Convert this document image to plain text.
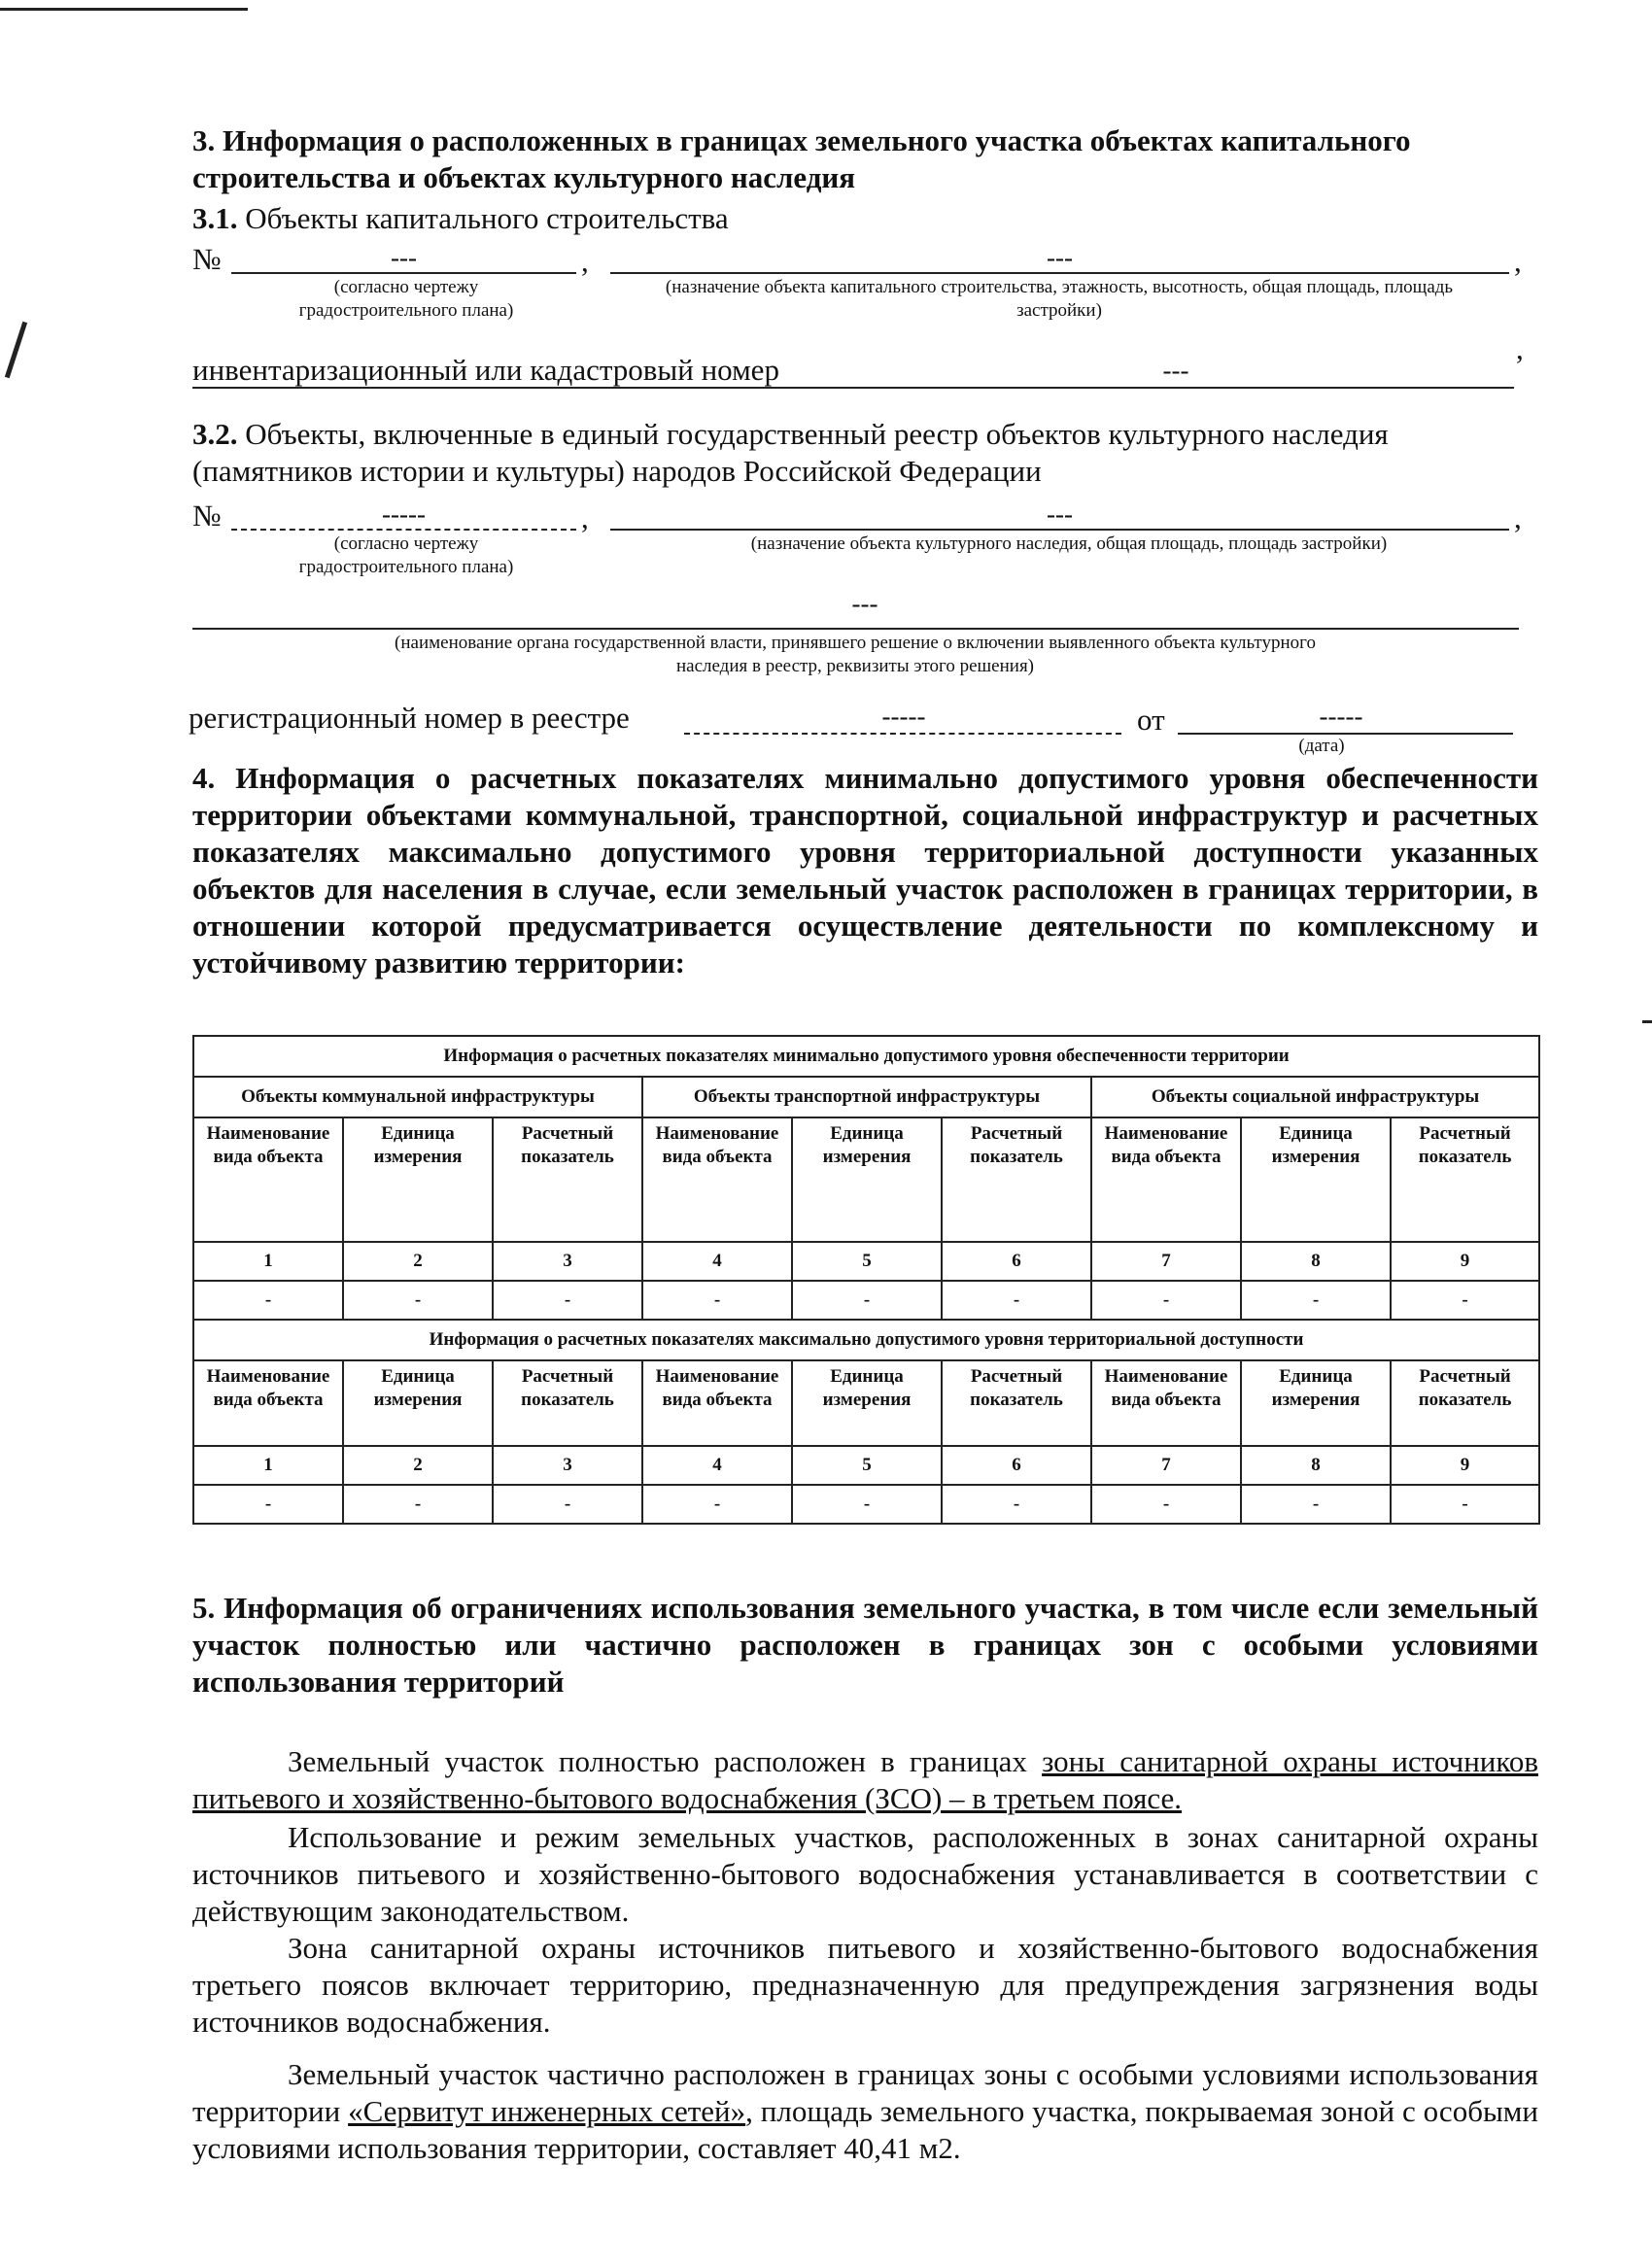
3. Информация о расположенных в границах земельного участка объектах капитального строительства и объектах культурного наследия
3.1. Объекты капитального строительства
№	---	,	---	,
(согласно чертежу градостроительного плана)
(назначение объекта капитального строительства, этажность, высотность, общая площадь, площадь застройки)
инвентаризационный или кадастровый номер	---
,
3.2. Объекты, включенные в единый государственный реестр объектов культурного наследия (памятников истории и культуры) народов Российской Федерации
№	-----	,	---	,
(согласно чертежу градостроительного плана)
(назначение объекта культурного наследия, общая площадь, площадь застройки)
---
(наименование органа государственной власти, принявшего решение о включении выявленного объекта культурного наследия в реестр, реквизиты этого решения)
регистрационный номер в реестре	-----	от	-----
(дата)
4. Информация о расчетных показателях минимально допустимого уровня обеспеченности территории объектами коммунальной, транспортной, социальной инфраструктур и расчетных показателях максимально допустимого уровня территориальной доступности указанных объектов для населения в случае, если земельный участок расположен в границах территории, в отношении которой предусматривается осуществление деятельности по комплексному и устойчивому развитию территории:
Информация о расчетных показателях минимально допустимого уровня обеспеченности территории								
Объекты коммунальной инфраструктуры			Объекты транспортной инфраструктуры			Объекты социальной инфраструктуры		
Наименование вида объекта	Единица измерения	Расчетный показатель	Наименование вида объекта	Единица измерения	Расчетный показатель	Наименование вида объекта	Единица измерения	Расчетный показатель
1	2	3	4	5	6	7	8	9
-	-	-	-	-	-	-	-	-
Информация о расчетных показателях максимально допустимого уровня территориальной доступности								
Наименование вида объекта	Единица измерения	Расчетный показатель	Наименование вида объекта	Единица измерения	Расчетный показатель	Наименование вида объекта	Единица измерения	Расчетный показатель
1	2	3	4	5	6	7	8	9
-	-	-	-	-	-	-	-	-
5. Информация об ограничениях использования земельного участка, в том числе если земельный участок полностью или частично расположен в границах зон с особыми условиями использования территорий
Земельный участок полностью расположен в границах зоны санитарной охраны источников питьевого и хозяйственно-бытового водоснабжения (ЗСО) – в третьем поясе.
Использование и режим земельных участков, расположенных в зонах санитарной охраны источников питьевого и хозяйственно-бытового водоснабжения устанавливается в соответствии с действующим законодательством.
Зона санитарной охраны источников питьевого и хозяйственно-бытового водоснабжения третьего поясов включает территорию, предназначенную для предупреждения загрязнения воды источников водоснабжения.
Земельный участок частично расположен в границах зоны с особыми условиями использования территории «Сервитут инженерных сетей», площадь земельного участка, покрываемая зоной с особыми условиями использования территории, составляет 40,41 м2.
